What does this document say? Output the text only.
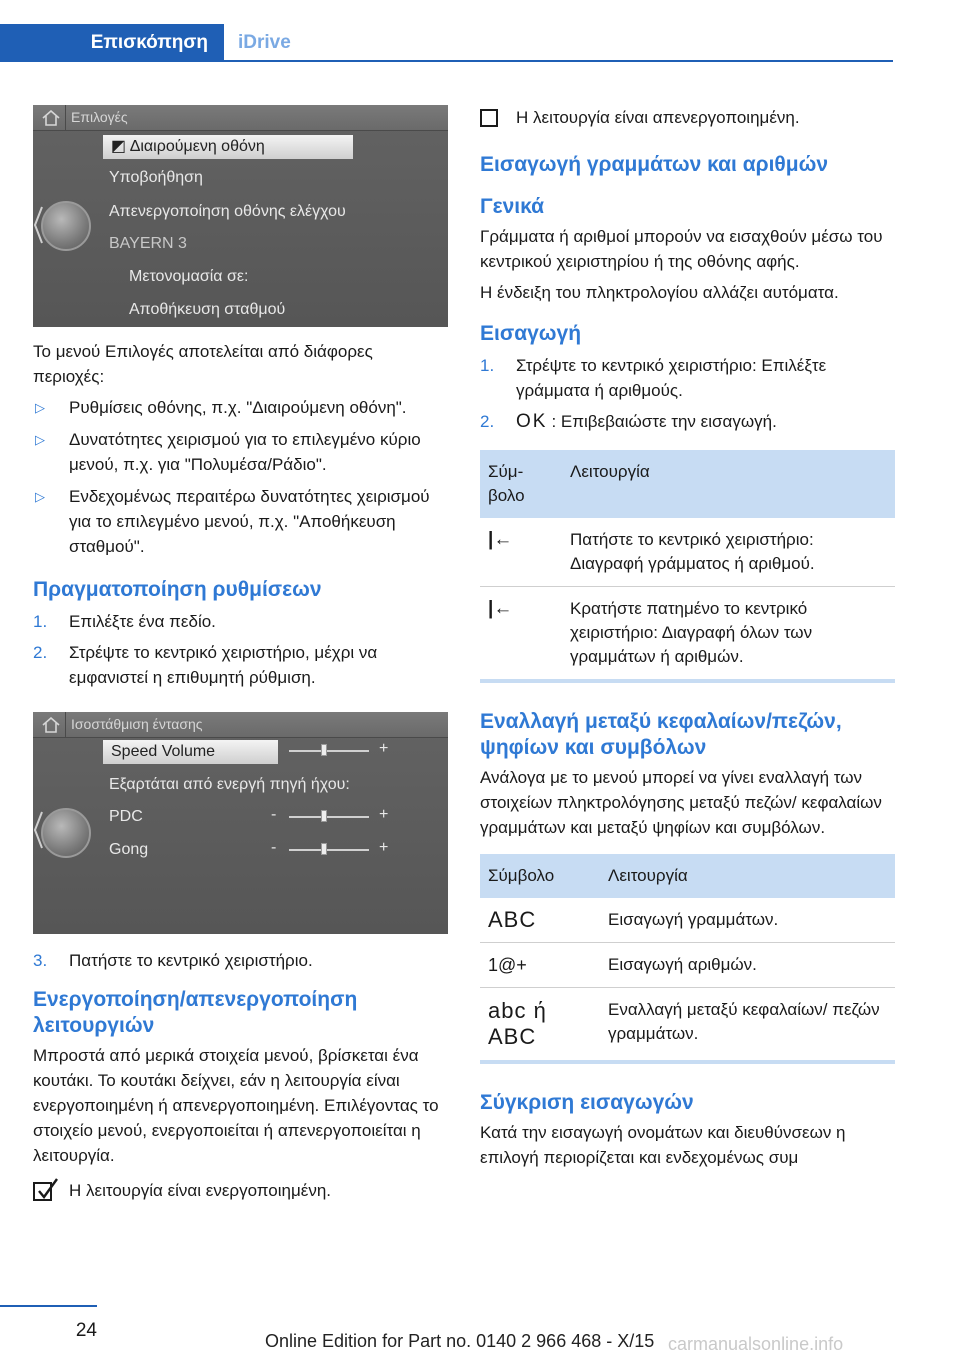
Επισκόπηση	iDrive
Επιλογές
◩ Διαιρούμενη οθόνη
Υποβοήθηση
Απενεργοποίηση οθόνης ελέγχου
BAYERN 3
Μετονομασία σε:
Αποθήκευση σταθμού

Το μενού Επιλογές αποτελείται από διάφορες περιοχές:

▷ Ρυθμίσεις οθόνης, π.χ. "Διαιρούμενη οθόνη".
▷ Δυνατότητες χειρισμού για το επιλεγμένο κύριο μενού, π.χ. για "Πολυμέσα/Ράδιο".
▷ Ενδεχομένως περαιτέρω δυνατότητες χειρισμού για το επιλεγμένο μενού, π.χ. "Αποθήκευση σταθμού".
Πραγματοποίηση ρυθμίσεων
1. Επιλέξτε ένα πεδίο.
2. Στρέψτε το κεντρικό χειριστήριο, μέχρι να εμφανιστεί η επιθυμητή ρύθμιση.
Ισοστάθμιση έντασης
Speed Volume
Εξαρτάται από ενεργή πηγή ήχου:
PDC
Gong
-	+
-	+
-	+
3. Πατήστε το κεντρικό χειριστήριο.
Ενεργοποίηση/απενεργοποίηση λειτουργιών

Μπροστά από μερικά στοιχεία μενού, βρίσκεται ένα κουτάκι. Το κουτάκι δείχνει, εάν η λειτουργία είναι ενεργοποιημένη ή απενεργοποιημένη. Επιλέγοντας το στοιχείο μενού, ενεργοποιείται ή απενεργοποιείται η λειτουργία.

Η λειτουργία είναι ενεργοποιημένη.
Η λειτουργία είναι απενεργοποιημένη.
Εισαγωγή γραμμάτων και αριθμών
Γενικά

Γράμματα ή αριθμοί μπορούν να εισαχθούν μέσω του κεντρικού χειριστηρίου ή της οθόνης αφής.

Η ένδειξη του πληκτρολογίου αλλάζει αυτόματα.

Εισαγωγή
1. Στρέψτε το κεντρικό χειριστήριο: Επιλέξτε γράμματα ή αριθμούς.
2. OK : Επιβεβαιώστε την εισαγωγή.
Σύμβολο	Λειτουργία
|←	Πατήστε το κεντρικό χειριστήριο: Διαγραφή γράμματος ή αριθμού.
|←	Κρατήστε πατημένο το κεντρικό χειριστήριο: Διαγραφή όλων των γραμμάτων ή αριθμών.
Εναλλαγή μεταξύ κεφαλαίων/πεζών, ψηφίων και συμβόλων

Ανάλογα με το μενού μπορεί να γίνει εναλλαγή των στοιχείων πληκτρολόγησης μεταξύ πεζών/ κεφαλαίων γραμμάτων και μεταξύ ψηφίων και συμβόλων.

Σύμβολο	Λειτουργία
ABC	Εισαγωγή γραμμάτων.
1@+	Εισαγωγή αριθμών.
abc ή ABC	Εναλλαγή μεταξύ κεφαλαίων/ πεζών γραμμάτων.
Σύγκριση εισαγωγών

Κατά την εισαγωγή ονομάτων και διευθύνσεων η επιλογή περιορίζεται και ενδεχομένως συμ

24	Online Edition for Part no. 0140 2 966 468 - X/15 carmanualsonline.info
